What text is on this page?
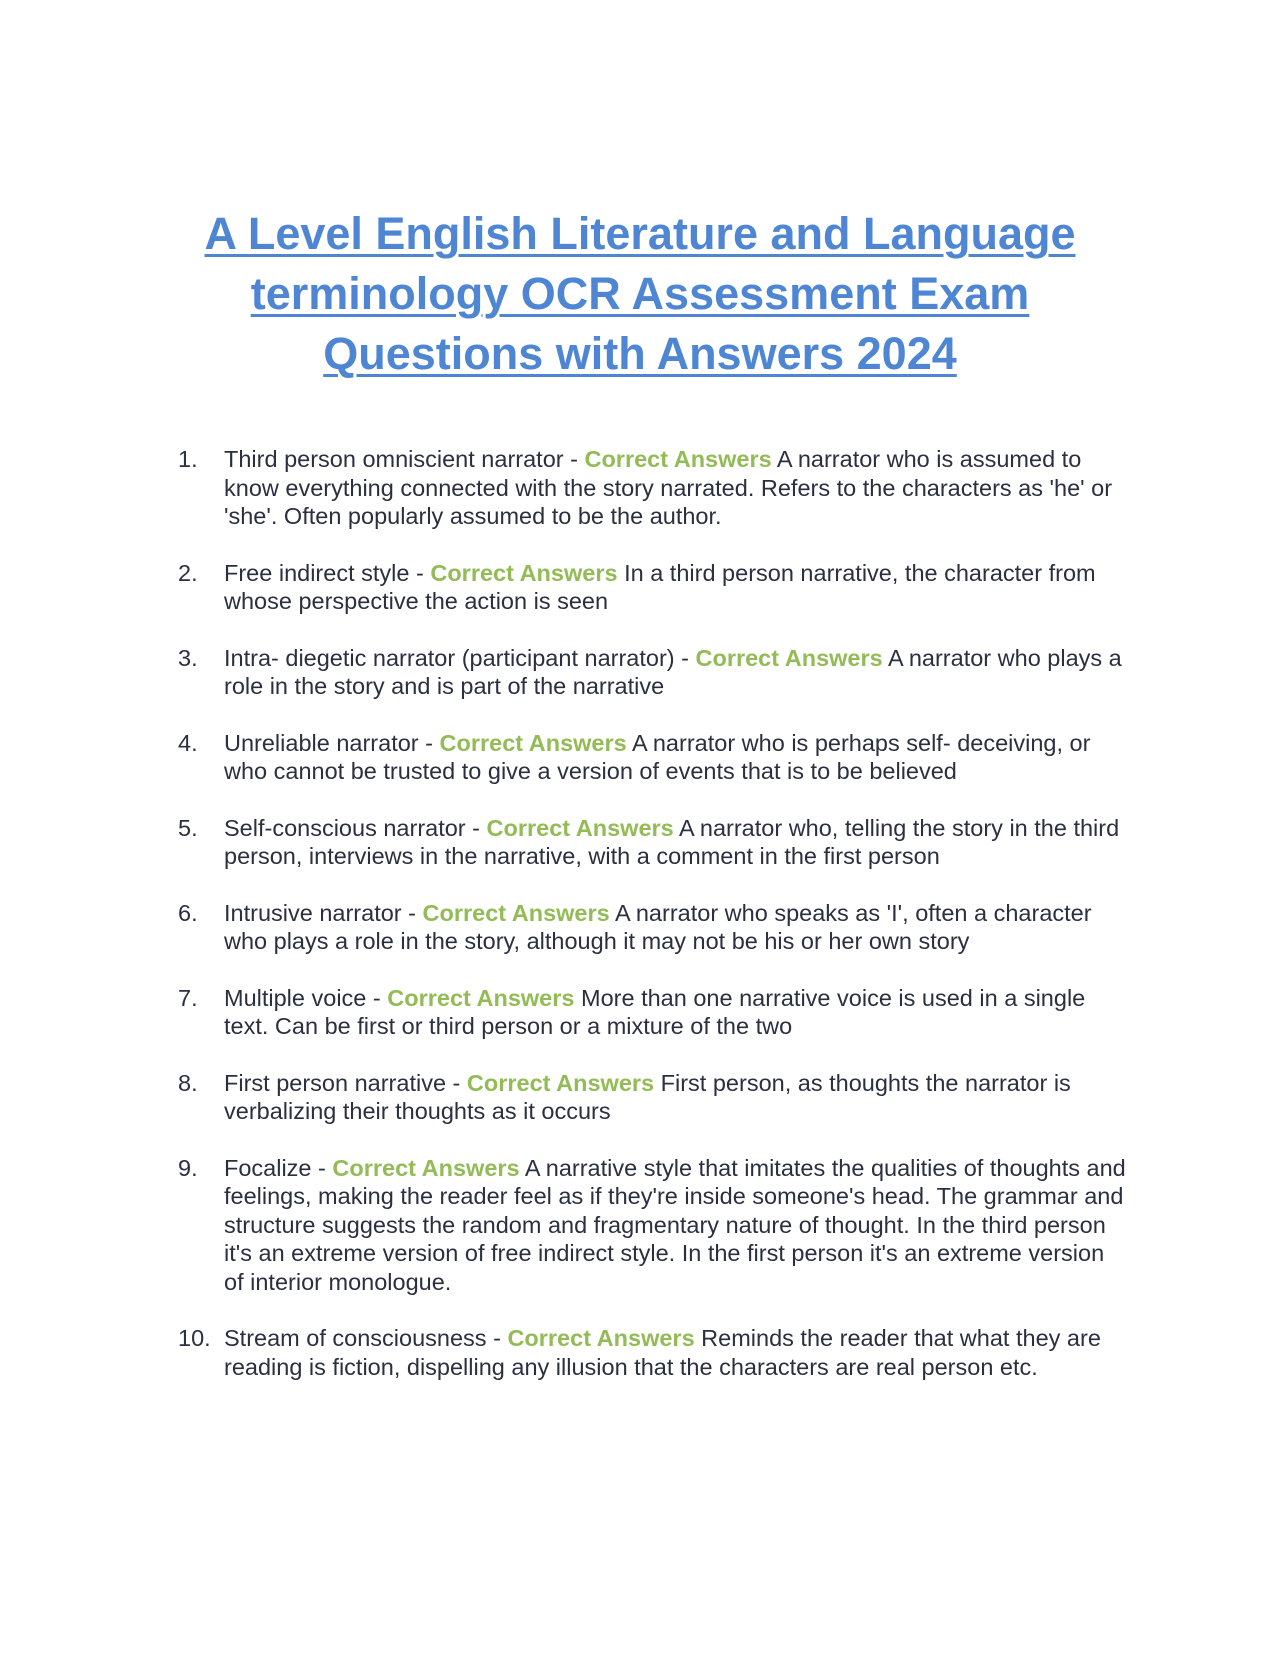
A Level English Literature and Language terminology OCR Assessment Exam Questions with Answers 2024
1.	Third person omniscient narrator - Correct Answers A narrator who is assumed to know everything connected with the story narrated. Refers to the characters as 'he' or 'she'. Often popularly assumed to be the author.
2.	Free indirect style - Correct Answers In a third person narrative, the character from whose perspective the action is seen
3.	Intra- diegetic narrator (participant narrator) - Correct Answers A narrator who plays a role in the story and is part of the narrative
4.	Unreliable narrator - Correct Answers A narrator who is perhaps self- deceiving, or who cannot be trusted to give a version of events that is to be believed
5.	Self-conscious narrator - Correct Answers A narrator who, telling the story in the third person, interviews in the narrative, with a comment in the first person
6.	Intrusive narrator - Correct Answers A narrator who speaks as 'I', often a character who plays a role in the story, although it may not be his or her own story
7.	Multiple voice - Correct Answers More than one narrative voice is used in a single text. Can be first or third person or a mixture of the two
8.	First person narrative - Correct Answers First person, as thoughts the narrator is verbalizing their thoughts as it occurs
9.	Focalize - Correct Answers A narrative style that imitates the qualities of thoughts and feelings, making the reader feel as if they're inside someone's head. The grammar and structure suggests the random and fragmentary nature of thought. In the third person it's an extreme version of free indirect style. In the first person it's an extreme version of interior monologue.
10. Stream of consciousness - Correct Answers Reminds the reader that what they are reading is fiction, dispelling any illusion that the characters are real person etc.
